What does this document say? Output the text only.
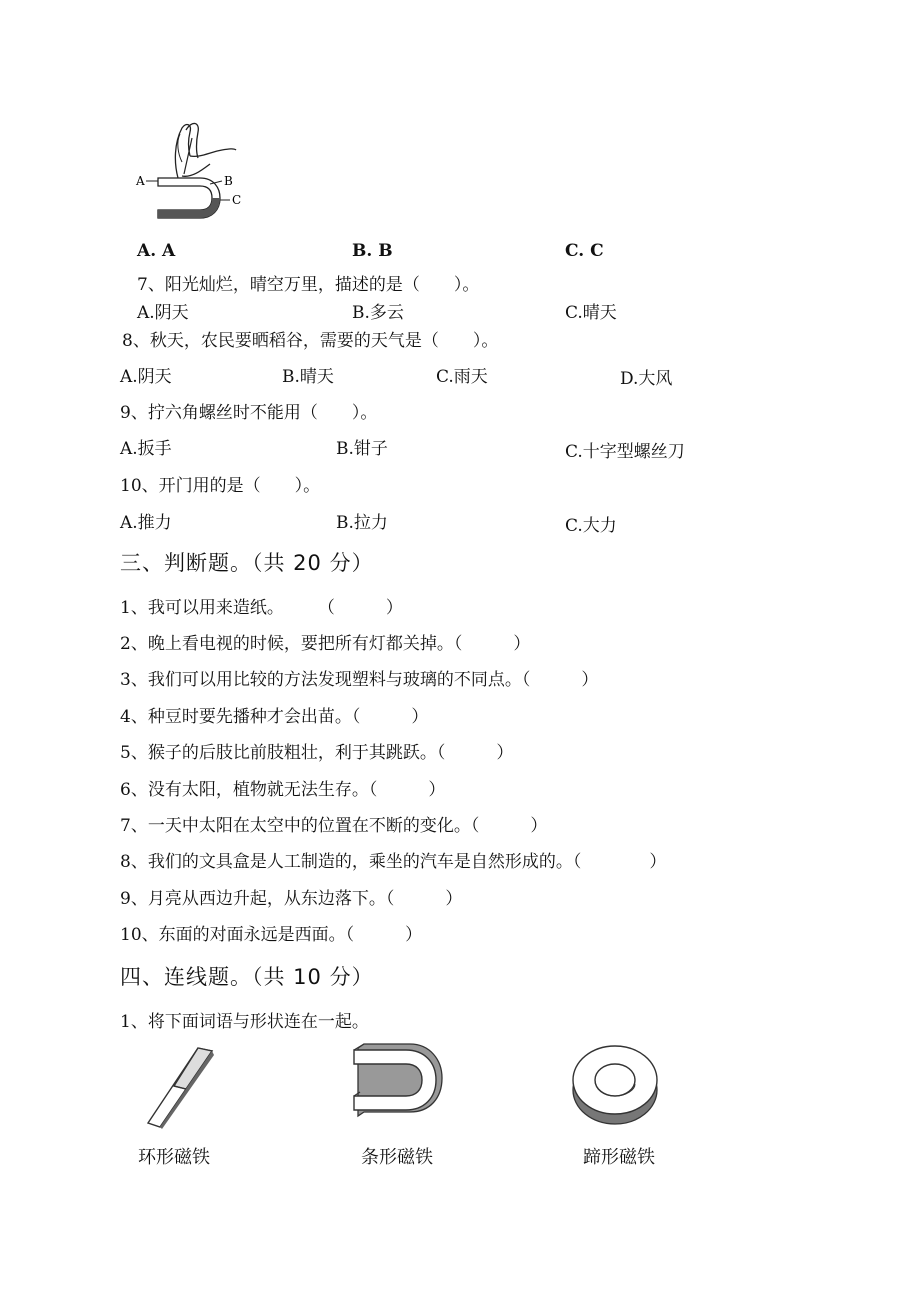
A	B
C
A. A	B. B	C. C
7、阳光灿烂，晴空万里，描述的是（　　）。
A.阴天	B.多云	C.晴天
8、秋天，农民要晒稻谷，需要的天气是（　　）。
A.阴天	B.晴天	C.雨天	D.大风
9、拧六角螺丝时不能用（　　）。
A.扳手	B.钳子	C.十字型螺丝刀
10、开门用的是（　　）。
A.推力	B.拉力	C.大力
三、判断题。（共 20 分）
1、我可以用来造纸。　　　（　　　）
2、晚上看电视的时候，要把所有灯都关掉。（　　　）
3、我们可以用比较的方法发现塑料与玻璃的不同点。（　　　）
4、种豆时要先播种才会出苗。（　　　）
5、猴子的后肢比前肢粗壮，利于其跳跃。（　　　）
6、没有太阳，植物就无法生存。（　　　）
7、一天中太阳在太空中的位置在不断的变化。（　　　）
8、我们的文具盒是人工制造的，乘坐的汽车是自然形成的。（　　　　）
9、月亮从西边升起，从东边落下。（　　　）
10、东面的对面永远是西面。（　　　）
四、连线题。（共 10 分）
1、将下面词语与形状连在一起。
环形磁铁	条形磁铁	蹄形磁铁
